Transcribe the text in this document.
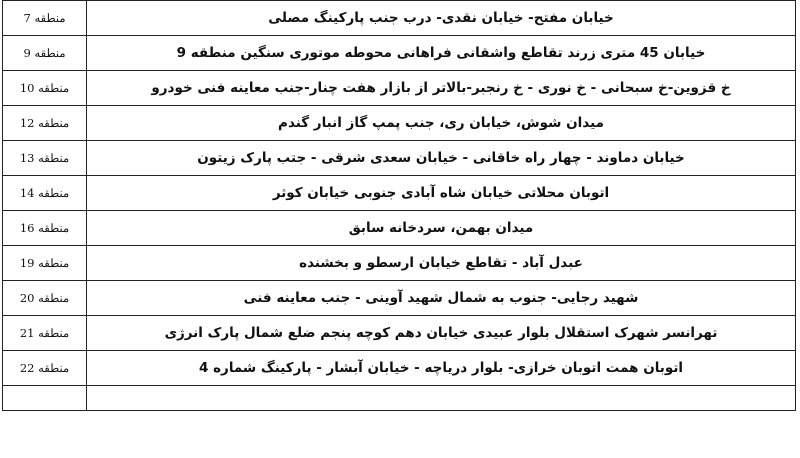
منطقه 7	خیابان مفتح- خیابان نقدی- درب جنب پارکینگ مصلی
منطقه 9	خیابان 45 متری زرند تقاطع واشقانی فراهانی محوطه موتوری سنگین منطقه 9
منطقه 10	خ قزوین-خ سبحانی - خ نوری - خ رنجبر-بالاتر از بازار هفت چنار-جنب معاینه فنی خودرو
منطقه 12	میدان شوش، خیابان ری، جنب پمپ گاز انبار گندم
منطقه 13	خیابان دماوند - چهار راه خاقانی - خیابان سعدی شرقی - جتب پارک زیتون
منطقه 14	اتوبان محلاتی خیابان شاه آبادی جنوبی خیابان کوثر
منطقه 16	میدان بهمن، سردخانه سابق
منطقه 19	عبدل آباد - تقاطع خیابان ارسطو و بخشنده
منطقه 20	شهید رجایی- جنوب به شمال شهید آوینی - جنب معاینه فنی
منطقه 21	تهرانسر شهرک استقلال بلوار عبیدی خیابان دهم کوچه پنجم ضلع شمال پارک انرژی
منطقه 22	اتوبان همت اتوبان خرازی- بلوار دریاچه - خیابان آبشار - پارکینگ شماره 4
